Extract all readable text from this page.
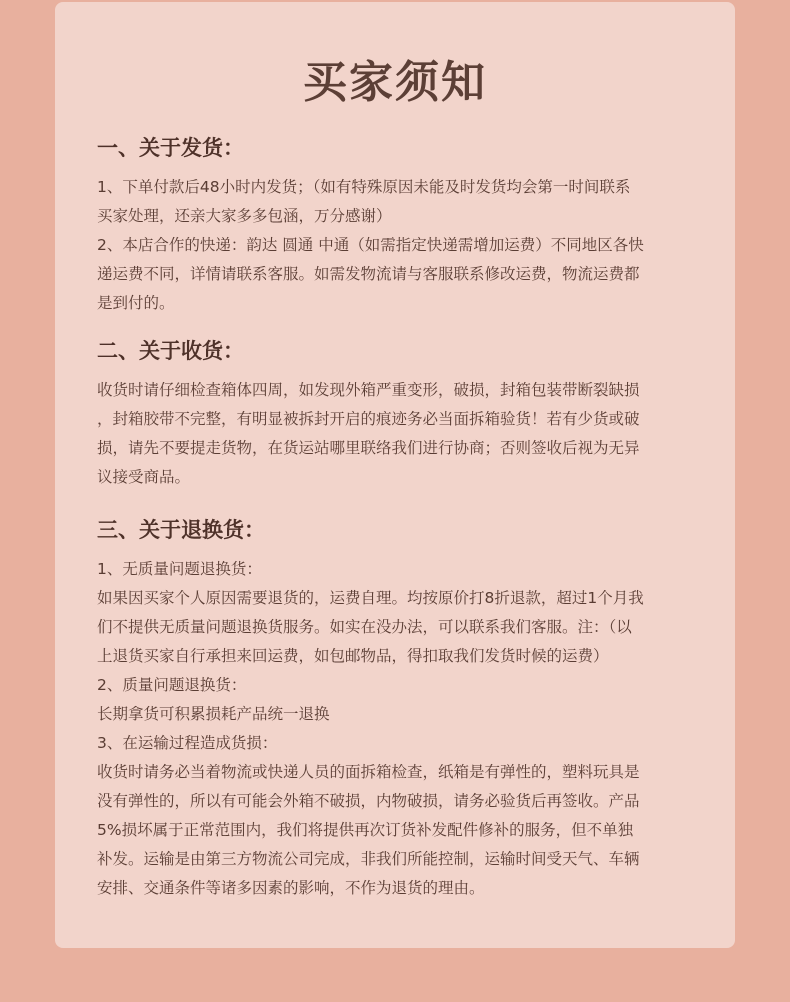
买家须知
一、关于发货：

1、下单付款后48小时内发货；（如有特殊原因未能及时发货均会第一时间联系
买家处理，还亲大家多多包涵，万分感谢）
2、本店合作的快递：韵达 圆通 中通（如需指定快递需增加运费）不同地区各快
递运费不同，详情请联系客服。如需发物流请与客服联系修改运费，物流运费都
是到付的。

二、关于收货：

收货时请仔细检查箱体四周，如发现外箱严重变形，破损，封箱包装带断裂缺损
，封箱胶带不完整，有明显被拆封开启的痕迹务必当面拆箱验货！若有少货或破
损，请先不要提走货物，在货运站哪里联络我们进行协商；否则签收后视为无异
议接受商品。

三、关于退换货：

1、无质量问题退换货：
如果因买家个人原因需要退货的，运费自理。均按原价打8折退款，超过1个月我
们不提供无质量问题退换货服务。如实在没办法，可以联系我们客服。注：（以
上退货买家自行承担来回运费，如包邮物品，得扣取我们发货时候的运费）
2、质量问题退换货：
长期拿货可积累损耗产品统一退换
3、在运输过程造成货损：
收货时请务必当着物流或快递人员的面拆箱检查，纸箱是有弹性的，塑料玩具是
没有弹性的，所以有可能会外箱不破损，内物破损，请务必验货后再签收。产品
5%损坏属于正常范围内，我们将提供再次订货补发配件修补的服务，但不单独
补发。运输是由第三方物流公司完成，非我们所能控制，运输时间受天气、车辆
安排、交通条件等诸多因素的影响，不作为退货的理由。
